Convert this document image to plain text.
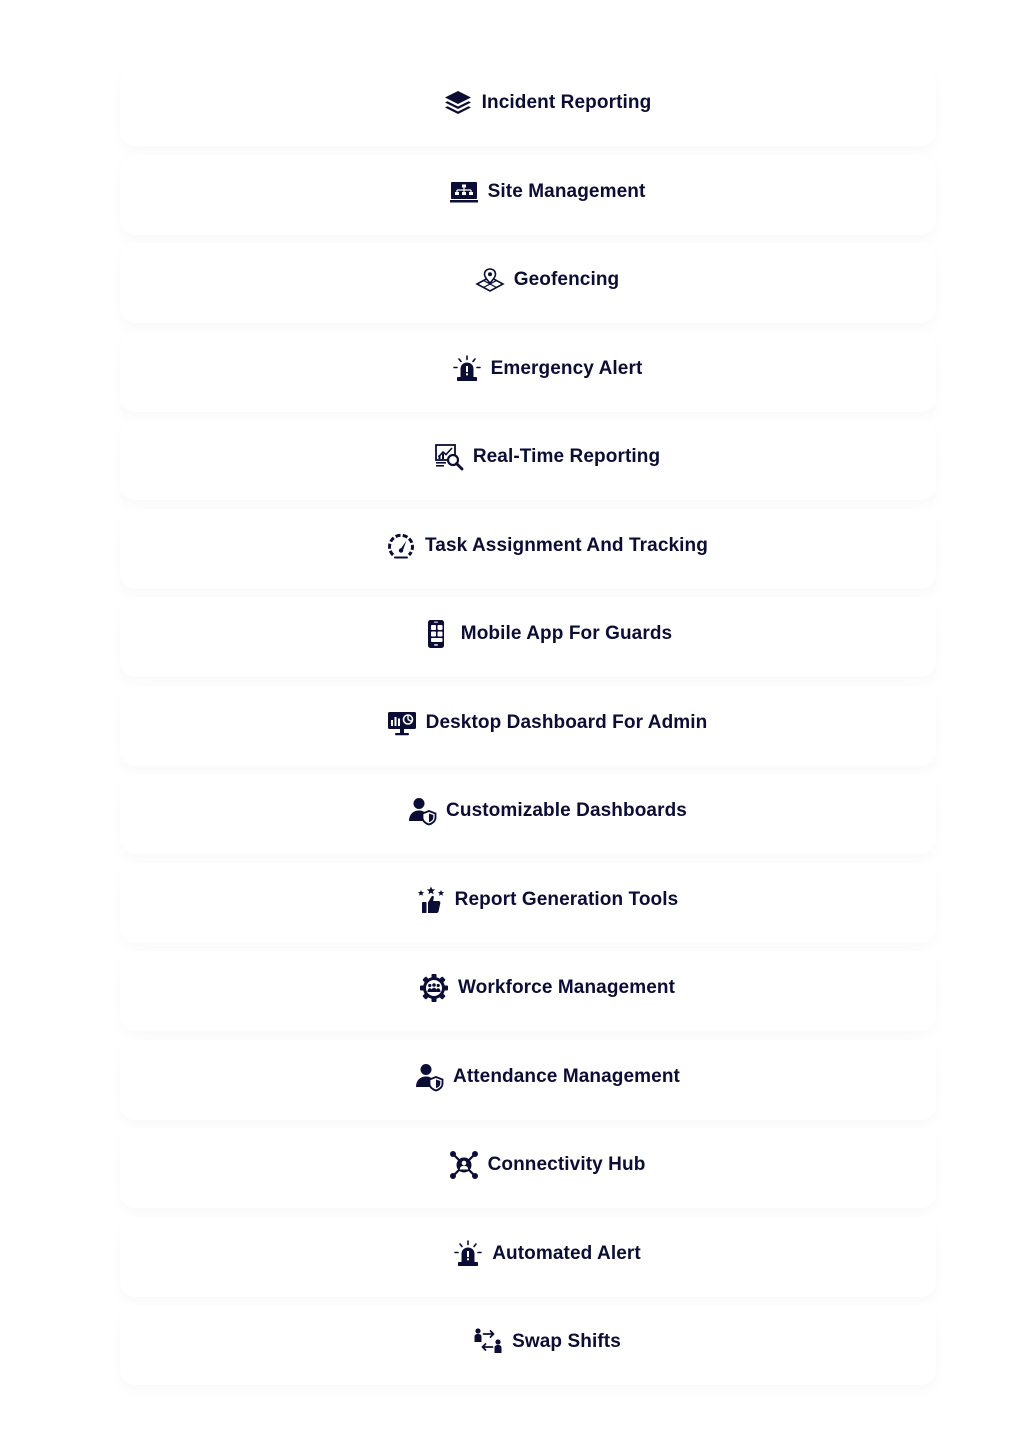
Incident Reporting
Site Management
Geofencing
Emergency Alert
Real-Time Reporting
Task Assignment And Tracking
Mobile App For Guards
Desktop Dashboard For Admin
Customizable Dashboards
Report Generation Tools
Workforce Management
Attendance Management
Connectivity Hub
Automated Alert
Swap Shifts
